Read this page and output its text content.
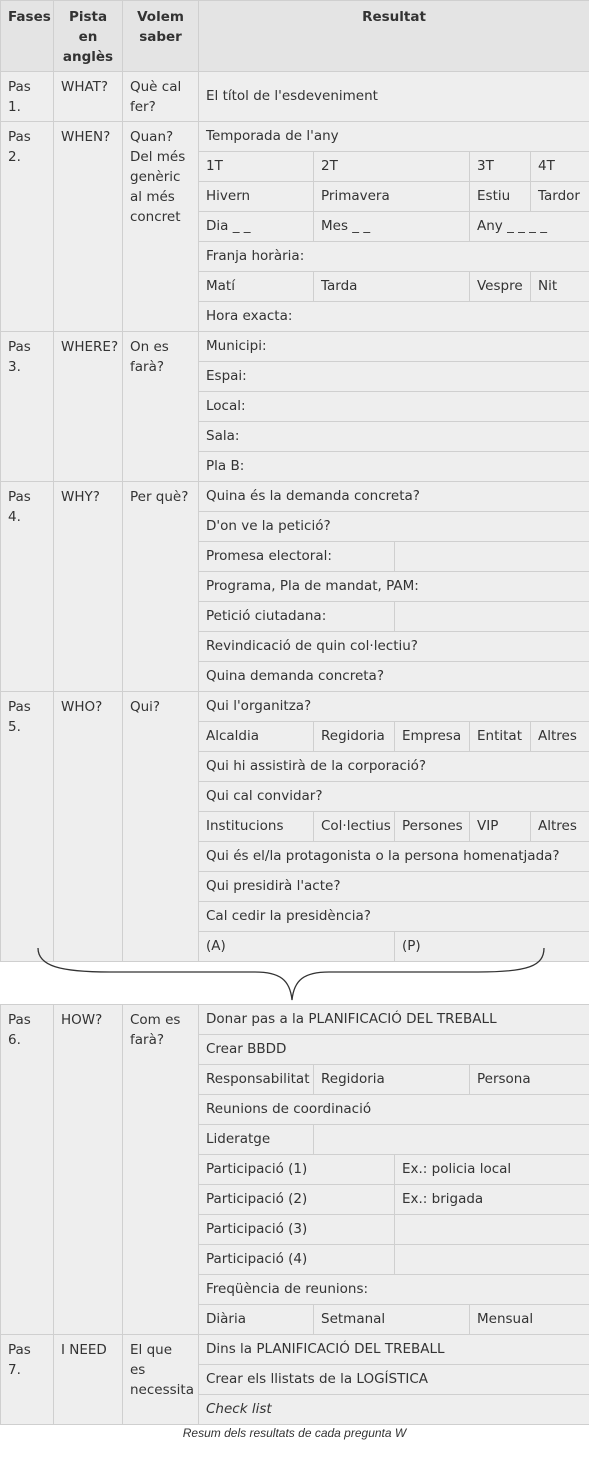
Fases	Pista en anglès	Volem saber	Resultat				
Pas 1.	WHAT?	Què cal fer?	El títol de l'esdeveniment				
Pas 2.	WHEN?	Quan? Del més genèric al més concret	Temporada de l'any				
			1T	2T		3T	4T
			Hivern	Primavera		Estiu	Tardor
			Dia _ _	Mes _ _		Any _ _ _ _	
			Franja horària:				
			Matí	Tarda		Vespre	Nit
			Hora exacta:				
Pas 3.	WHERE?	On es farà?	Municipi:				
			Espai:				
			Local:				
			Sala:				
			Pla B:				
Pas 4.	WHY?	Per què?	Quina és la demanda concreta?				
			D'on ve la petició?				
			Promesa electoral:				
			Programa, Pla de mandat, PAM:				
			Petició ciutadana:				
			Revindicació de quin col·lectiu?				
			Quina demanda concreta?				
Pas 5.	WHO?	Qui?	Qui l'organitza?				
			Alcaldia	Regidoria	Empresa	Entitat	Altres
			Qui hi assistirà de la corporació?				
			Qui cal convidar?				
			Institucions	Col·lectius	Persones	VIP	Altres
			Qui és el/la protagonista o la persona homenatjada?				
			Qui presidirà l'acte?				
			Cal cedir la presidència?				
			(A)		(P)		
Pas 6.	HOW?	Com es farà?	Donar pas a la PLANIFICACIÓ DEL TREBALL			
			Crear BBDD			
			Responsabilitat	Regidoria		Persona
			Reunions de coordinació			
			Lideratge			
			Participació (1)		Ex.: policia local	
			Participació (2)		Ex.: brigada	
			Participació (3)			
			Participació (4)			
			Freqüència de reunions:			
			Diària	Setmanal		Mensual
Pas 7.	I NEED	El que es necessita	Dins la PLANIFICACIÓ DEL TREBALL			
			Crear els llistats de la LOGÍSTICA			
			Check list			
Resum dels resultats de cada pregunta W
